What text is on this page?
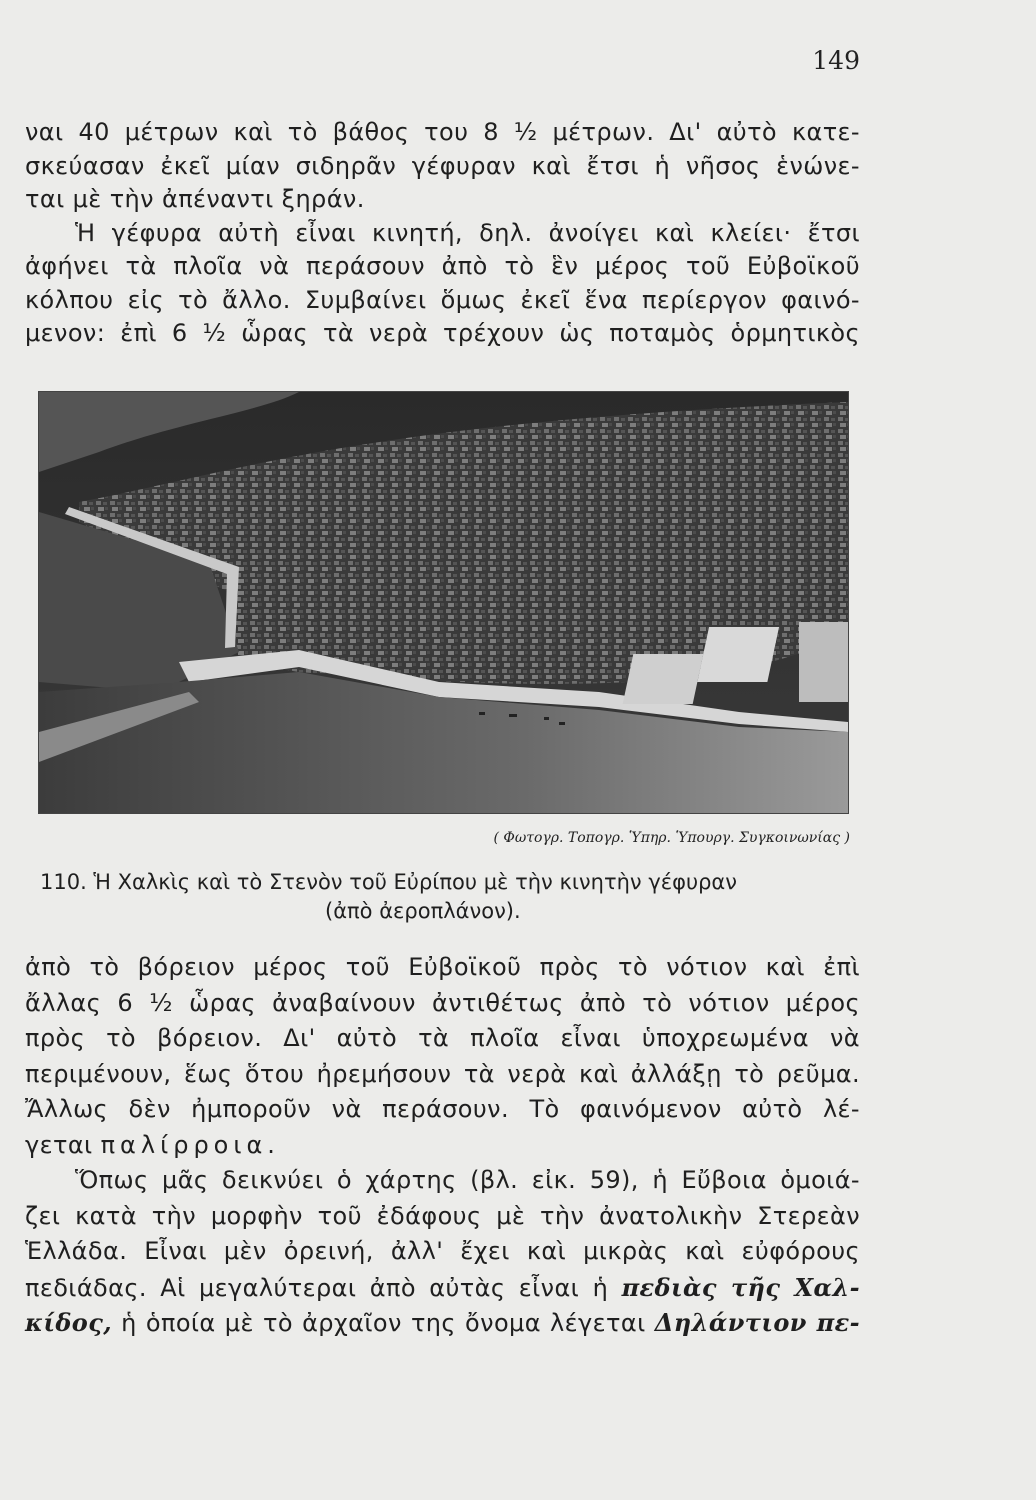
149
ναι 40 μέτρων καὶ τὸ βάθος του 8 ½ μέτρων. Δι' αὐτὸ κατε-
σκεύασαν ἐκεῖ μίαν σιδηρᾶν γέφυραν καὶ ἔτσι ἡ νῆσος ἑνώνε-
ται μὲ τὴν ἀπέναντι ξηράν.
Ἡ γέφυρα αὐτὴ εἶναι κινητή, δηλ. ἀνοίγει καὶ κλείει· ἔτσι
ἀφήνει τὰ πλοῖα νὰ περάσουν ἀπὸ τὸ ἓν μέρος τοῦ Εὐβοϊκοῦ
κόλπου εἰς τὸ ἄλλο. Συμβαίνει ὅμως ἐκεῖ ἕνα περίεργον φαινό-
μενον: ἐπὶ 6 ½ ὧρας τὰ νερὰ τρέχουν ὡς ποταμὸς ὁρμητικὸς
( Φωτογρ. Τοπογρ. Ὑπηρ. Ὑπουργ. Συγκοινωνίας )
110. Ἡ Χαλκὶς καὶ τὸ Στενὸν τοῦ Εὐρίπου μὲ τὴν κινητὴν γέφυραν
(ἀπὸ ἀεροπλάνον).
ἀπὸ τὸ βόρειον μέρος τοῦ Εὐβοϊκοῦ πρὸς τὸ νότιον καὶ ἐπὶ
ἄλλας 6 ½ ὧρας ἀναβαίνουν ἀντιθέτως ἀπὸ τὸ νότιον μέρος
πρὸς τὸ βόρειον. Δι' αὐτὸ τὰ πλοῖα εἶναι ὑποχρεωμένα νὰ
περιμένουν, ἕως ὅτου ἠρεμήσουν τὰ νερὰ καὶ ἀλλάξῃ τὸ ρεῦμα.
Ἄλλως δὲν ἠμποροῦν νὰ περάσουν. Τὸ φαινόμενον αὐτὸ λέ-
γεται παλίρροια.
Ὅπως μᾶς δεικνύει ὁ χάρτης (βλ. εἰκ. 59), ἡ Εὔβοια ὁμοιά-
ζει κατὰ τὴν μορφὴν τοῦ ἐδάφους μὲ τὴν ἀνατολικὴν Στερεὰν
Ἑλλάδα. Εἶναι μὲν ὀρεινή, ἀλλ' ἔχει καὶ μικρὰς καὶ εὐφόρους
πεδιάδας. Αἱ μεγαλύτεραι ἀπὸ αὐτὰς εἶναι ἡ πεδιὰς τῆς Χαλ-
κίδος, ἡ ὁποία μὲ τὸ ἀρχαῖον της ὄνομα λέγεται Δηλάντιον πε-
